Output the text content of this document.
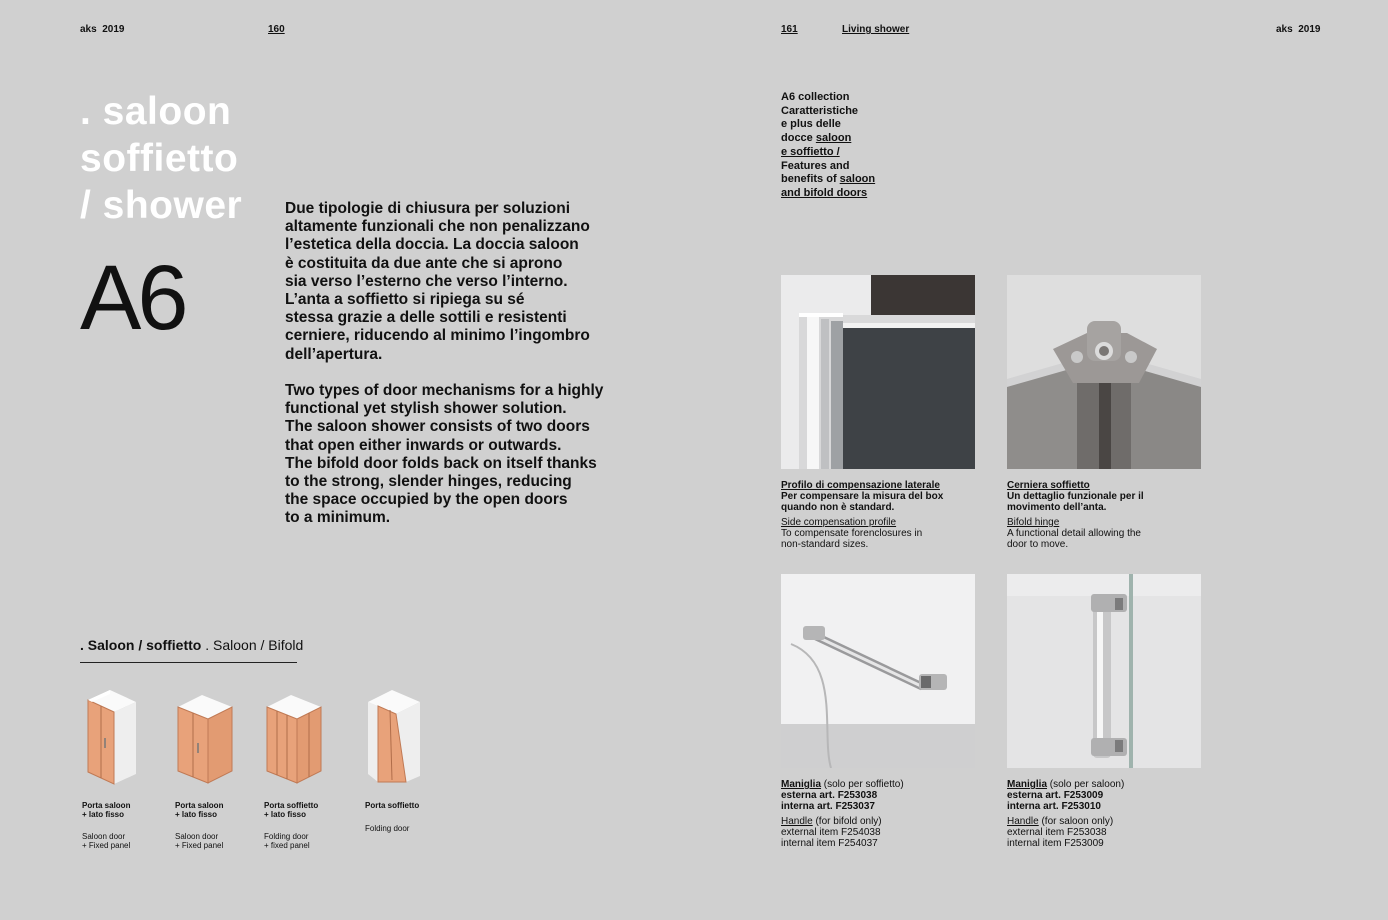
aks 2019	160	161	Living shower	aks 2019
. saloon
soffietto
/ shower
A6
Due tipologie di chiusura per soluzioni
altamente funzionali che non penalizzano
l’estetica della doccia. La doccia saloon
è costituita da due ante che si aprono
sia verso l’esterno che verso l’interno.
L’anta a soffietto si ripiega su sé
stessa grazie a delle sottili e resistenti
cerniere, riducendo al minimo l’ingombro
dell’apertura.
Two types of door mechanisms for a highly
functional yet stylish shower solution.
The saloon shower consists of two doors
that open either inwards or outwards.
The bifold door folds back on itself thanks
to the strong, slender hinges, reducing
the space occupied by the open doors
to a minimum.
. Saloon / soffietto . Saloon / Bifold
Porta saloon
+ lato fisso
Saloon door
+ Fixed panel
Porta saloon
+ lato fisso
Saloon door
+ Fixed panel
Porta soffietto
+ lato fisso
Folding door
+ fixed panel
Porta soffietto
Folding door
A6 collection
Caratteristiche
e plus delle
docce saloon
e soffietto /
Features and
benefits of saloon
and bifold doors
Profilo di compensazione laterale
Per compensare la misura del box
quando non è standard.
Side compensation profile
To compensate forenclosures in
non-standard sizes.
Cerniera soffietto
Un dettaglio funzionale per il
movimento dell’anta.
Bifold hinge
A functional detail allowing the
door to move.
Maniglia (solo per soffietto)
esterna art. F253038
interna art. F253037
Handle (for bifold only)
external item F254038
internal item F254037
Maniglia (solo per saloon)
esterna art. F253009
interna art. F253010
Handle (for saloon only)
external item F253038
internal item F253009
